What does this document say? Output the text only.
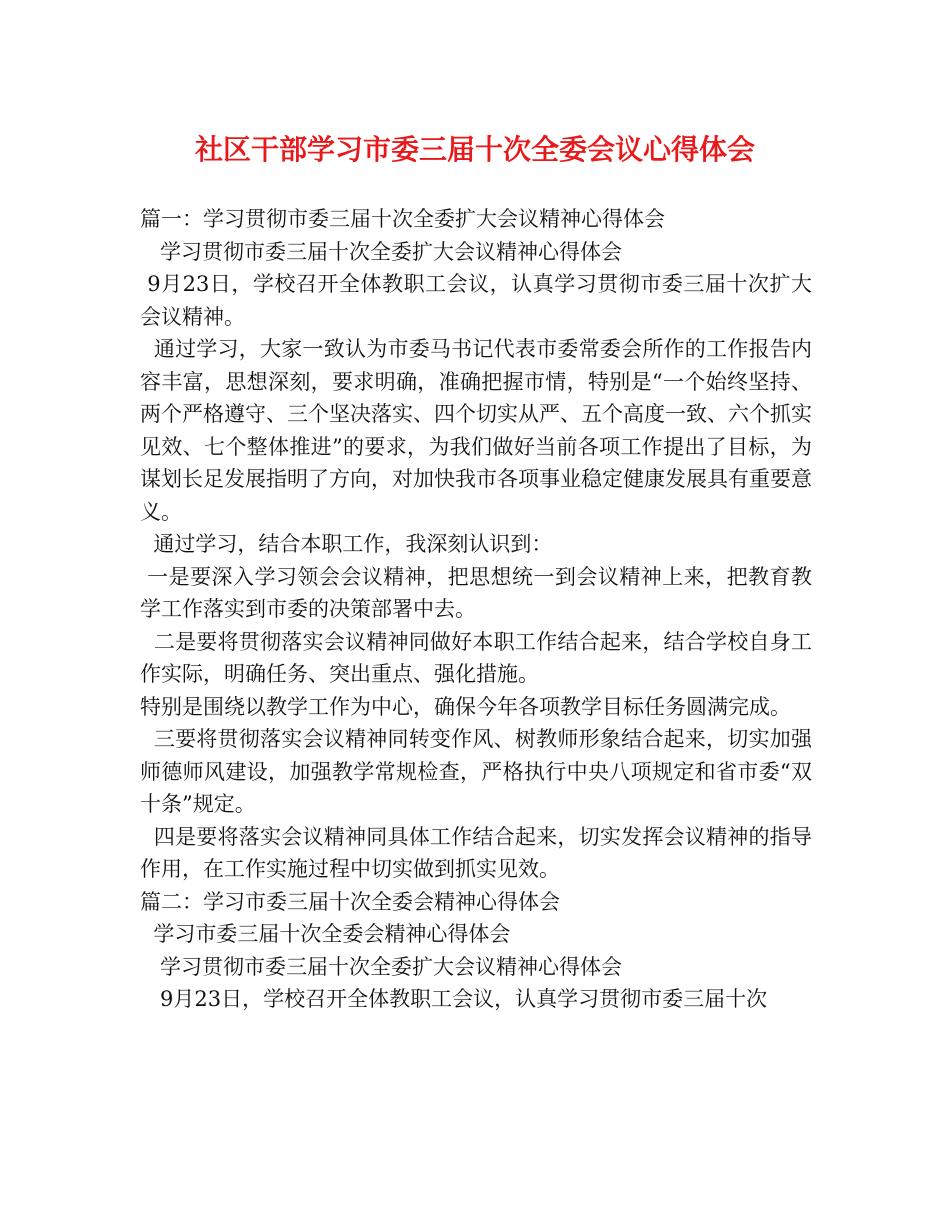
社区干部学习市委三届十次全委会议心得体会

篇一：学习贯彻市委三届十次全委扩大会议精神心得体会

学习贯彻市委三届十次全委扩大会议精神心得体会

9月23日，学校召开全体教职工会议，认真学习贯彻市委三届十次扩大会议精神。

通过学习，大家一致认为市委马书记代表市委常委会所作的工作报告内容丰富，思想深刻，要求明确，准确把握市情，特别是“一个始终坚持、两个严格遵守、三个坚决落实、四个切实从严、五个高度一致、六个抓实见效、七个整体推进”的要求，为我们做好当前各项工作提出了目标，为谋划长足发展指明了方向，对加快我市各项事业稳定健康发展具有重要意义。

通过学习，结合本职工作，我深刻认识到：

一是要深入学习领会会议精神，把思想统一到会议精神上来，把教育教学工作落实到市委的决策部署中去。

二是要将贯彻落实会议精神同做好本职工作结合起来，结合学校自身工作实际，明确任务、突出重点、强化措施。

特别是围绕以教学工作为中心，确保今年各项教学目标任务圆满完成。

三要将贯彻落实会议精神同转变作风、树教师形象结合起来，切实加强师德师风建设，加强教学常规检查，严格执行中央八项规定和省市委“双十条”规定。

四是要将落实会议精神同具体工作结合起来，切实发挥会议精神的指导作用，在工作实施过程中切实做到抓实见效。

篇二：学习市委三届十次全委会精神心得体会

学习市委三届十次全委会精神心得体会

学习贯彻市委三届十次全委扩大会议精神心得体会

9月23日，学校召开全体教职工会议，认真学习贯彻市委三届十次
